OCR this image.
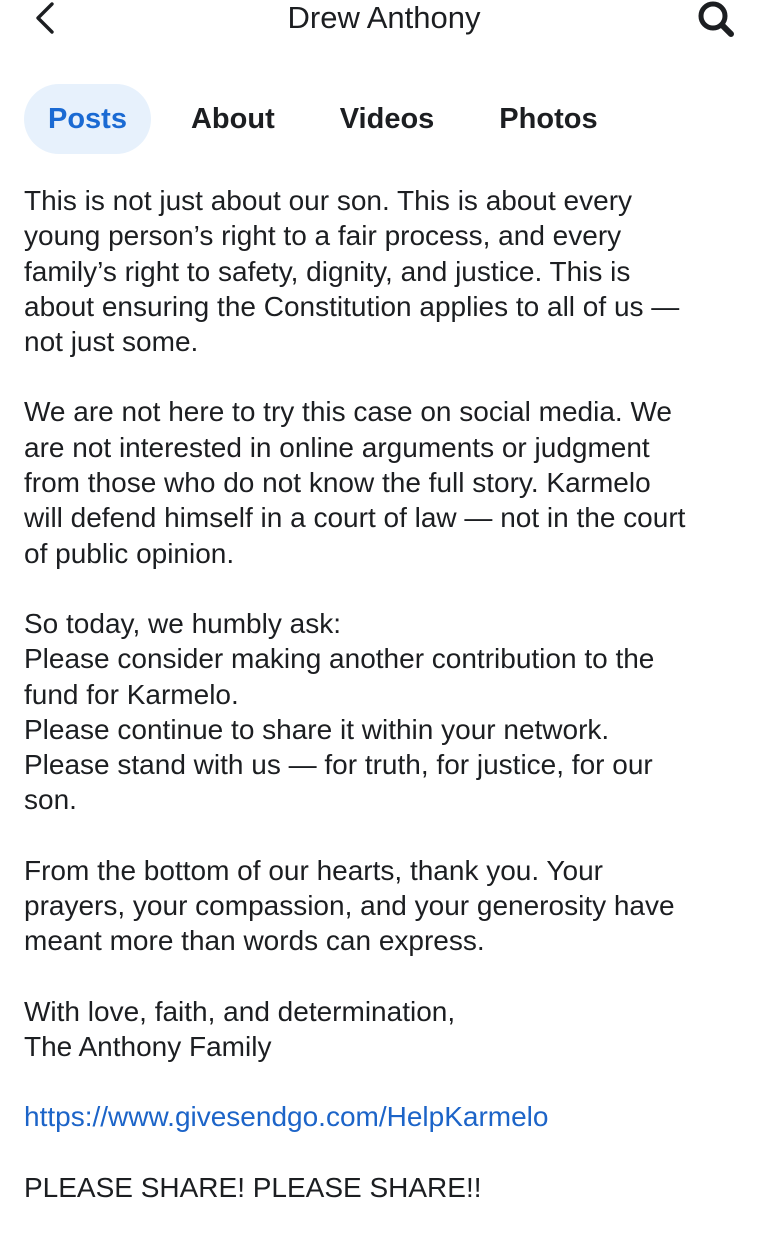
Drew Anthony
Posts	About	Videos	Photos

This is not just about our son. This is about every
young person’s right to a fair process, and every
family’s right to safety, dignity, and justice. This is
about ensuring the Constitution applies to all of us —
not just some.

We are not here to try this case on social media. We
are not interested in online arguments or judgment
from those who do not know the full story. Karmelo
will defend himself in a court of law — not in the court
of public opinion.

So today, we humbly ask:
Please consider making another contribution to the
fund for Karmelo.
Please continue to share it within your network.
Please stand with us — for truth, for justice, for our
son.

From the bottom of our hearts, thank you. Your
prayers, your compassion, and your generosity have
meant more than words can express.

With love, faith, and determination,
The Anthony Family

https://www.givesendgo.com/HelpKarmelo

PLEASE SHARE! PLEASE SHARE!!
